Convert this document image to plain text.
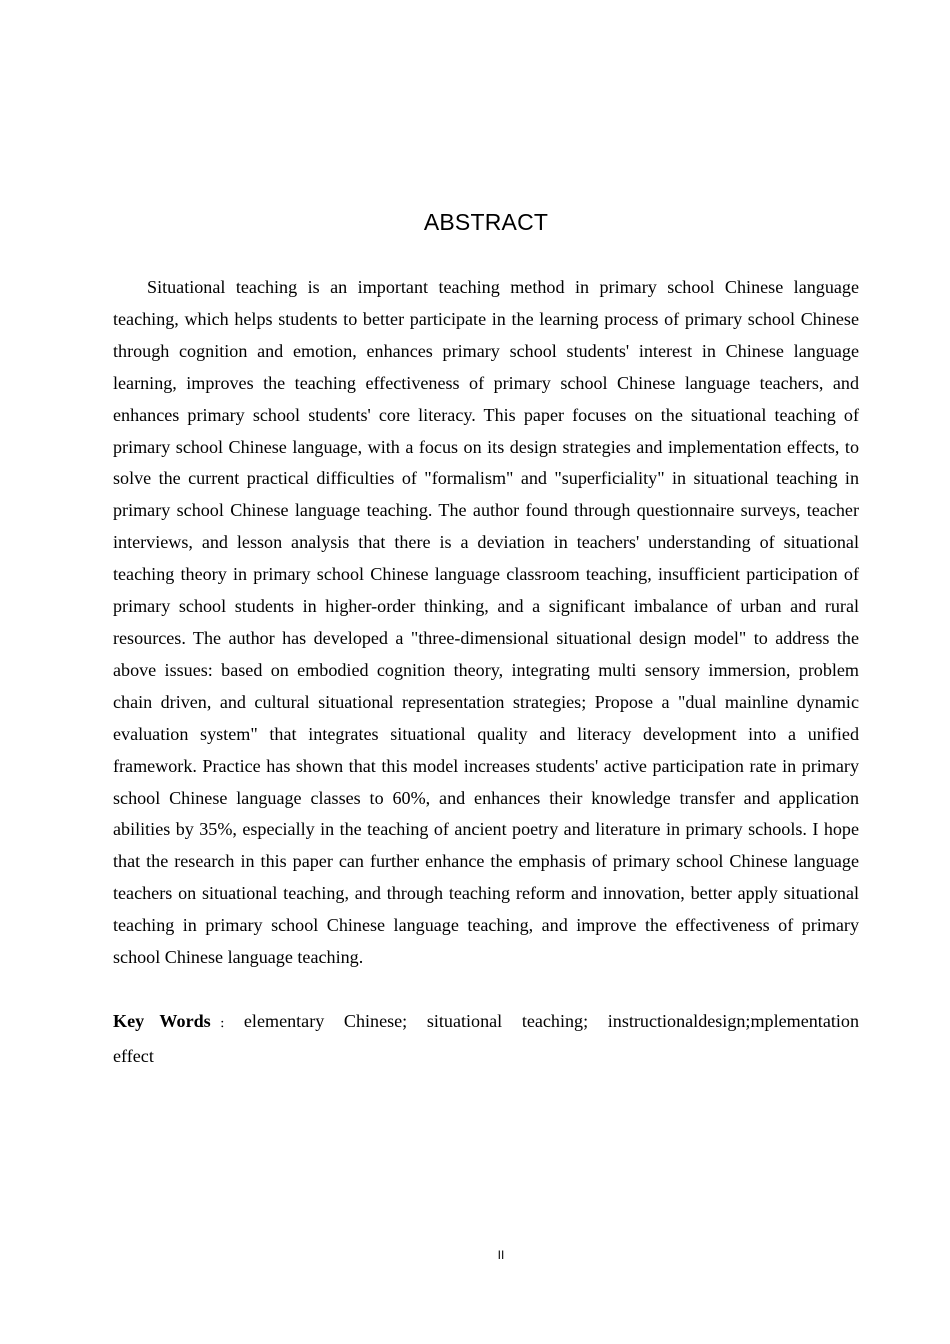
ABSTRACT

Situational teaching is an important teaching method in primary school Chinese language teaching, which helps students to better participate in the learning process of primary school Chinese through cognition and emotion, enhances primary school students' interest in Chinese language learning, improves the teaching effectiveness of primary school Chinese language teachers, and enhances primary school students' core literacy. This paper focuses on the situational teaching of primary school Chinese language, with a focus on its design strategies and implementation effects, to solve the current practical difficulties of "formalism" and "superficiality" in situational teaching in primary school Chinese language teaching. The author found through questionnaire surveys, teacher interviews, and lesson analysis that there is a deviation in teachers' understanding of situational teaching theory in primary school Chinese language classroom teaching, insufficient participation of primary school students in higher-order thinking, and a significant imbalance of urban and rural resources. The author has developed a "three-dimensional situational design model" to address the above issues: based on embodied cognition theory, integrating multi sensory immersion, problem chain driven, and cultural situational representation strategies; Propose a "dual mainline dynamic evaluation system" that integrates situational quality and literacy development into a unified framework. Practice has shown that this model increases students' active participation rate in primary school Chinese language classes to 60%, and enhances their knowledge transfer and application abilities by 35%, especially in the teaching of ancient poetry and literature in primary schools. I hope that the research in this paper can further enhance the emphasis of primary school Chinese language teachers on situational teaching, and through teaching reform and innovation, better apply situational teaching in primary school Chinese language teaching, and improve the effectiveness of primary school Chinese language teaching.

Key Words ： elementary Chinese; situational teaching; instructionaldesign;mplementation effect

II
